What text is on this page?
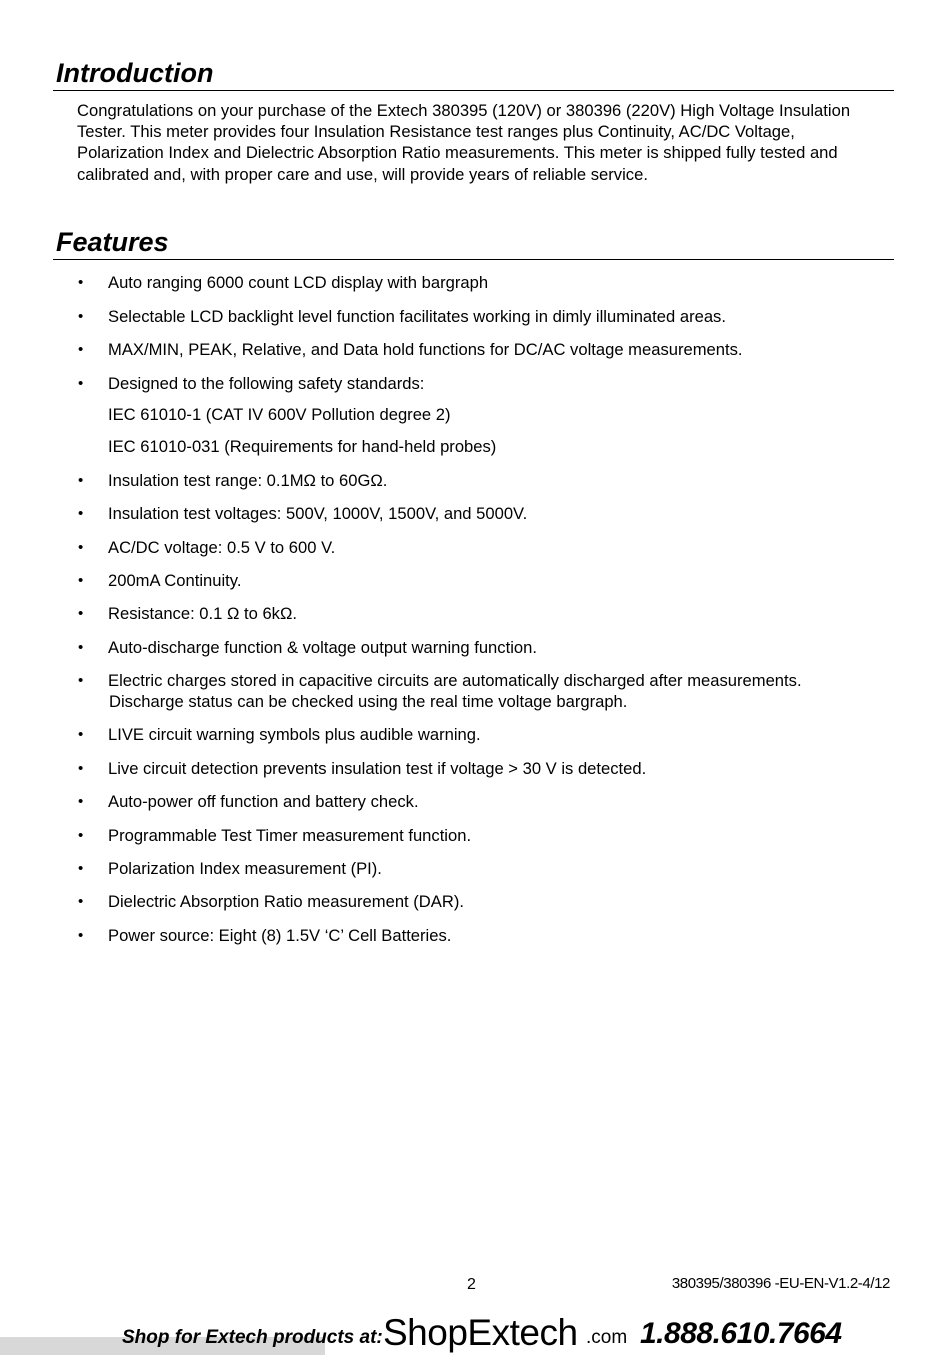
Introduction

Congratulations on your purchase of the Extech 380395 (120V) or 380396 (220V) High Voltage Insulation Tester. This meter provides four Insulation Resistance test ranges plus Continuity, AC/DC Voltage, Polarization Index and Dielectric Absorption Ratio measurements. This meter is shipped fully tested and calibrated and, with proper care and use, will provide years of reliable service.

Features
•	Auto ranging 6000 count LCD display with bargraph
•	Selectable LCD backlight level function facilitates working in dimly illuminated areas.
•	MAX/MIN, PEAK, Relative, and Data hold functions for DC/AC voltage measurements.
•	Designed to the following safety standards:
•	Insulation test range: 0.1MΩ to 60GΩ.
•	Insulation test voltages: 500V, 1000V, 1500V, and 5000V.
•	AC/DC voltage: 0.5 V to 600 V.
•	200mA Continuity.
•	Resistance: 0.1 Ω to 6kΩ.
•	Auto-discharge function & voltage output warning function.
•	Electric charges stored in capacitive circuits are automatically discharged after measurements.
Discharge status can be checked using the real time voltage bargraph.
•	LIVE circuit warning symbols plus audible warning.
•	Live circuit detection prevents insulation test if voltage > 30 V is detected.
•	Auto-power off function and battery check.
•	Programmable Test Timer measurement function.
•	Polarization Index measurement (PI).
•	Dielectric Absorption Ratio measurement (DAR).
•	Power source: Eight (8) 1.5V ‘C’ Cell Batteries.
IEC 61010-1 (CAT IV 600V Pollution degree 2)
IEC 61010-031 (Requirements for hand-held probes)
2	380395/380396 -EU-EN-V1.2-4/12
Shop for Extech products at: ShopExtech .com 1.888.610.7664
